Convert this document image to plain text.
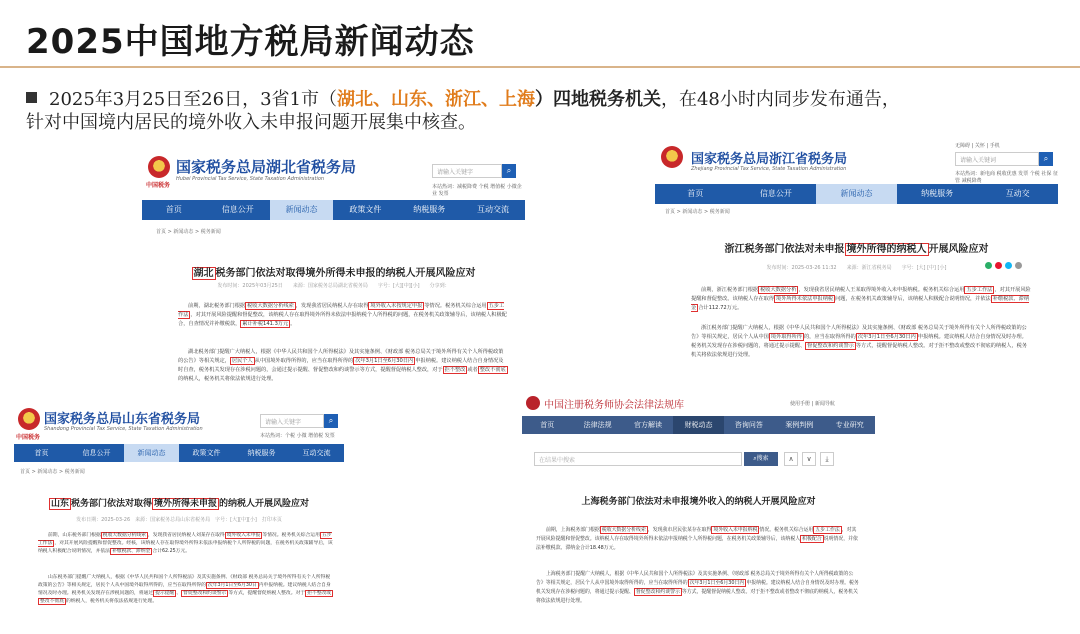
2025中国地方税局新闻动态
2025年3月25日至26日，3省1市（湖北、山东、浙江、上海）四地税务机关，在48小时内同步发布通告，
针对中国境内居民的境外收入未申报问题开展集中核查。
中国税务
国家税务总局湖北省税务局
Hubei Provincial Tax Service, State Taxation Administration
请输入关键字	⌕
本站热词：减税降费 个税 增值税 小微企业 发票
首页	信息公开	新闻动态	政策文件	纳税服务	互动交流
首页 > 新闻动态 > 税务新闻
湖北 税务部门依法对取得境外所得未申报的纳税人开展风险应对
发布时间：2025年03月25日　　来源：国家税务总局湖北省税务局　　字号：[大][中][小]　　分享到：
前期，湖北税务部门根据 税收大数据分析线索 ，发现我省居民纳税人存在取得 境外收入未按规定申报 等情况。税务机关综合运用 五步工作法 ，对其开展风险提醒和督促整改，该纳税人存在取得境外所得未依法申报纳税个人所得税的问题，在税务机关政策辅导后，该纳税人积极配合，自查情况并补缴税款， 累计补税141.3万元 。
湖北税务部门提醒广大纳税人，根据《中华人民共和国个人所得税法》及其实施条例、《财政部 税务总局关于境外所得有关个人所得税政策的公告》等相关规定， 居民个人 从中国境外取得所得的，应当在取得所得的 次年3月1日至6月30日内 申报纳税。建议纳税人结合自身情况及时自查，税务机关发现存在涉税问题的，会通过提示提醒、督促整改和约谈警示等方式，提醒督促纳税人整改，对于 拒不整改 或者 整改不彻底的纳税人，税务机关将依法依规进行处理。
国家税务总局浙江省税务局
Zhejiang Provincial Tax Service, State Taxation Administration
无障碍 | 关怀 | 手机
请输入关键词	⌕
本站热词：新电商 税收优惠 发票 个税 社保 征管 减税降费
首页	信息公开	新闻动态	纳税服务	互动交
首页 > 新闻动态 > 税务新闻
浙江税务部门依法对未申报 境外所得的纳税人 开展风险应对
发布时间：2025-03-26 11:32　　来源：浙江省税务局　　字号：[大] [中] [小]
前期，浙江税务部门根据 税收大数据分析 ，发现我省居民纳税人王某取得境外收入未申报纳税。税务机关综合运用 五步工作法 ，对其开展风险提醒和督促整改。该纳税人存在取得 境外所得未依法申报纳税 问题，在税务机关政策辅导后，该纳税人积极配合说明情况，并依法 补缴税款、滞纳金 合计112.72万元。
浙江税务部门提醒广大纳税人，根据《中华人民共和国个人所得税法》及其实施条例、《财政部 税务总局关于境外所得有关个人所得税政策的公告》等相关规定，居民个人从中国 境外取得所得 的，应当在取得所得的 次年3月1日至6月30日内 申报纳税。建议纳税人结合自身情况及时办理。税务机关发现存在涉税问题的，将通过提示提醒、 督促整改和约谈警示 等方式，提醒督促纳税人整改。对于拒不整改或整改不彻底的纳税人，税务机关将依法依规进行处理。
中国税务
国家税务总局山东省税务局
Shandong Provincial Tax Service, State Taxation Administration
请输入关键字	⌕
本站热词：个税 小微 增值税 发票
首页	信息公开	新闻动态	政策文件	纳税服务	互动交流
首页 > 新闻动态 > 税务新闻
山东 税务部门依法对取得 境外所得未申报 的纳税人开展风险应对
发布日期：2025-03-26　来源：国家税务总局山东省税务局　字号：[大][中][小]　打印本页
前期，山东税务部门根据 税收大数据分析线索 ，发现我省居民纳税人刘某存在取得 境外收入未申报 等情况。税务机关综合运用 五步工作法 ，对其开展风险提醒和督促整改。经核，该纳税人存在取得境外所得未依法申报纳税个人所得税的问题，在税务机关政策辅导后，该纳税人积极配合说明情况，并依法 补缴税款、滞纳金 合计62.25万元。
山东税务部门提醒广大纳税人，根据《中华人民共和国个人所得税法》及其实施条例、《财政部 税务总局关于境外所得有关个人所得税政策的公告》等相关规定，居民个人从中国境外取得所得的，应当在取得所得的 次年3月1日至6月30日 内申报纳税。建议纳税人结合自身情况及时办理。税务机关发现存在涉税问题的，将通过 提示提醒 、 督促整改和约谈警示 等方式，提醒督促纳税人整改。对于 拒不整改或整改不彻底 的纳税人，税务机关将依法依规进行处理。
中国注册税务师协会法律法规库	使用手册 | 新闻导航
首页	法律法规	官方解读	财税动态	咨询问答	案例判例	专业研究
在结果中搜索	⌕搜索	∧	∨	⤓
上海税务部门依法对未申报境外收入的纳税人开展风险应对
前期，上海税务部门根据 税收大数据分析线索 ，发现我市居民张某存在取得 境外收入未申报纳税 情况。税务机关综合运用 五步工作法 ，对其开展风险提醒和督促整改。该纳税人存在取得境外所得未依法申报纳税个人所得税问题，在税务机关政策辅导后，该纳税人 积极配合 说明情况，并依法补缴税款、滞纳金合计18.48万元。
上海税务部门提醒广大纳税人，根据《中华人民共和国个人所得税法》及其实施条例、《财政部 税务总局关于境外所得有关个人所得税政策的公告》等相关规定，居民个人从中国境外取得所得的，应当在取得所得的 次年3月1日至6月30日内 申报纳税。建议纳税人结合自身情况及时办理。税务机关发现存在涉税问题的，将通过提示提醒、 督促整改和约谈警示 等方式，提醒督促纳税人整改。对于拒不整改或者整改不彻底的纳税人，税务机关将依法依规进行处理。
